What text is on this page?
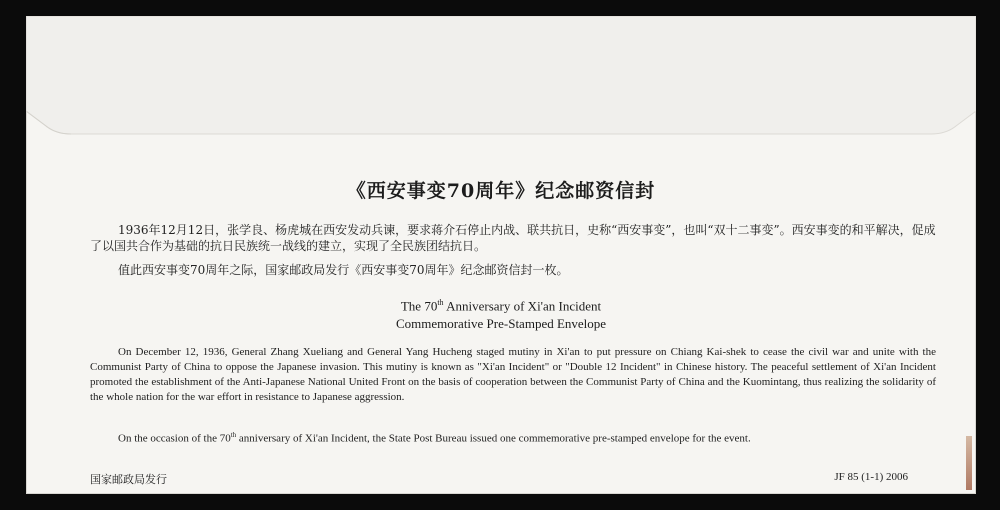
《西安事变70周年》纪念邮资信封
1936年12月12日，张学良、杨虎城在西安发动兵谏，要求蒋介石停止内战、联共抗日，史称“西安事变”，也叫“双十二事变”。西安事变的和平解决，促成了以国共合作为基础的抗日民族统一战线的建立，实现了全民族团结抗日。
值此西安事变70周年之际，国家邮政局发行《西安事变70周年》纪念邮资信封一枚。
The 70th Anniversary of Xi'an Incident
Commemorative Pre-Stamped Envelope
On December 12, 1936, General Zhang Xueliang and General Yang Hucheng staged mutiny in Xi'an to put pressure on Chiang Kai-shek to cease the civil war and unite with the Communist Party of China to oppose the Japanese invasion. This mutiny is known as "Xi'an Incident" or "Double 12 Incident" in Chinese history. The peaceful settlement of Xi'an Incident promoted the establishment of the Anti-Japanese National United Front on the basis of cooperation between the Communist Party of China and the Kuomintang, thus realizing the solidarity of the whole nation for the war effort in resistance to Japanese aggression.
On the occasion of the 70th anniversary of Xi'an Incident, the State Post Bureau issued one commemorative pre-stamped envelope for the event.
国家邮政局发行	JF 85 (1-1) 2006
